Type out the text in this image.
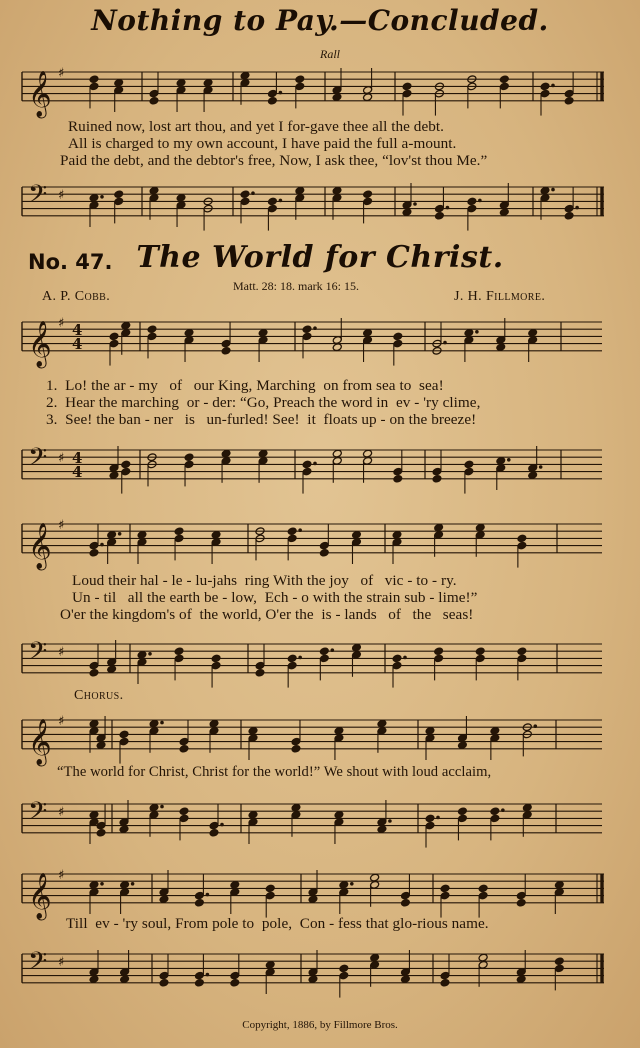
Nothing to Pay.—Concluded.
Rall
𝄞 ♯
Ruined now, lost art thou, and yet I for-gave thee all the debt.
All is charged to my own account, I have paid the full a-mount.
Paid the debt, and the debtor's free, Now, I ask thee, “lov'st thou Me.”
𝄢 ♯
No. 47. The World for Christ.
Matt. 28: 18. mark 16: 15.
A. P. Cobb.	J. H. Fillmore.
𝄞 ♯ 4
4
1.  Lo! the ar - my   of   our King, Marching  on from sea to  sea!
2.  Hear the marching  or - der: “Go, Preach the word in  ev - 'ry clime,
3.  See! the ban - ner   is   un-furled! See!  it  floats up - on the breeze!
𝄢 ♯ 4
4
𝄞 ♯
Loud their hal - le - lu-jahs  ring With the joy   of   vic - to - ry.
Un - til   all the earth be - low,  Ech - o with the strain sub - lime!”
O'er the kingdom's of  the world, O'er the  is - lands   of   the   seas!
𝄢 ♯
Chorus.
𝄞 ♯
“The world for Christ, Christ for the world!” We shout with loud acclaim,
𝄢 ♯
𝄞 ♯
Till  ev - 'ry soul, From pole to  pole,  Con - fess that glo-rious name.
𝄢 ♯
Copyright, 1886, by Fillmore Bros.
